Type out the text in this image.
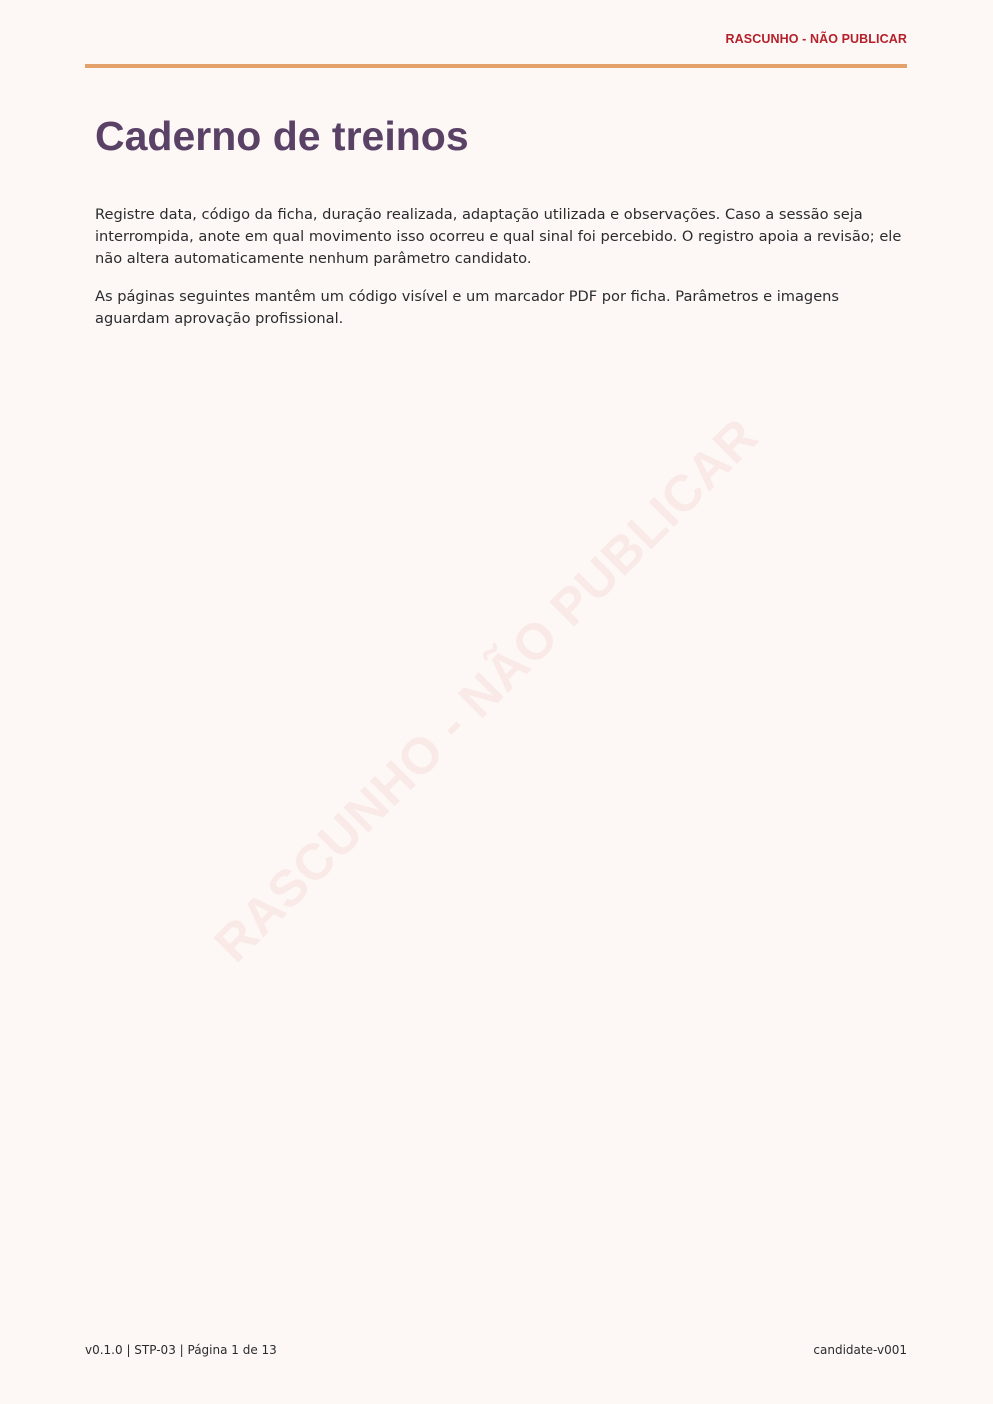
RASCUNHO - NÃO PUBLICAR
RASCUNHO - NÃO PUBLICAR
Caderno de treinos

Registre data, código da ficha, duração realizada, adaptação utilizada e observações. Caso a sessão seja interrompida, anote em qual movimento isso ocorreu e qual sinal foi percebido. O registro apoia a revisão; ele não altera automaticamente nenhum parâmetro candidato.

As páginas seguintes mantêm um código visível e um marcador PDF por ficha. Parâmetros e imagens aguardam aprovação profissional.

v0.1.0 | STP-03 | Página 1 de 13	candidate-v001
